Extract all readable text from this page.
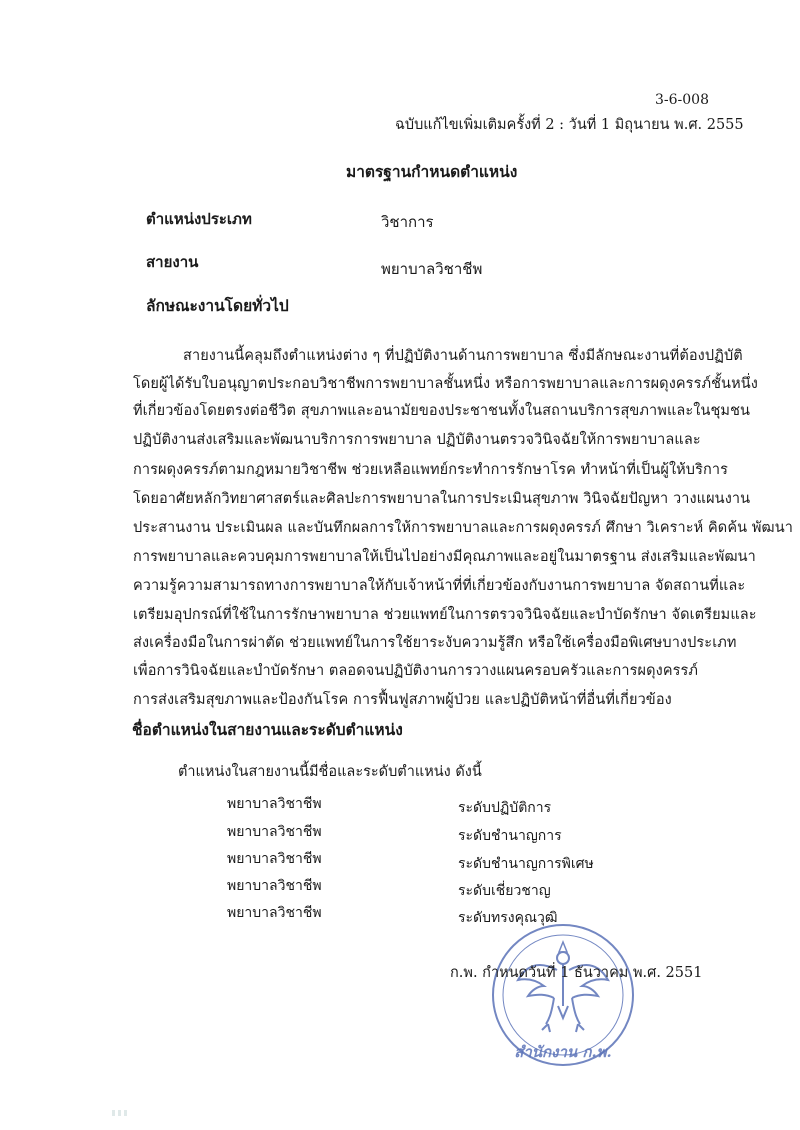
3-6-008
ฉบับแก้ไขเพิ่มเติมครั้งที่ 2 : วันที่ 1 มิถุนายน พ.ศ. 2555
มาตรฐานกำหนดตำแหน่ง
ตำแหน่งประเภท	วิชาการ
สายงาน	พยาบาลวิชาชีพ
ลักษณะงานโดยทั่วไป
สายงานนี้คลุมถึงตำแหน่งต่าง ๆ ที่ปฏิบัติงานด้านการพยาบาล ซึ่งมีลักษณะงานที่ต้องปฏิบัติ
โดยผู้ได้รับใบอนุญาตประกอบวิชาชีพการพยาบาลชั้นหนึ่ง หรือการพยาบาลและการผดุงครรภ์ชั้นหนึ่ง
ที่เกี่ยวข้องโดยตรงต่อชีวิต สุขภาพและอนามัยของประชาชนทั้งในสถานบริการสุขภาพและในชุมชน
ปฏิบัติงานส่งเสริมและพัฒนาบริการการพยาบาล ปฏิบัติงานตรวจวินิจฉัยให้การพยาบาลและ
การผดุงครรภ์ตามกฎหมายวิชาชีพ ช่วยเหลือแพทย์กระทำการรักษาโรค ทำหน้าที่เป็นผู้ให้บริการ
โดยอาศัยหลักวิทยาศาสตร์และศิลปะการพยาบาลในการประเมินสุขภาพ วินิจฉัยปัญหา วางแผนงาน
ประสานงาน ประเมินผล และบันทึกผลการให้การพยาบาลและการผดุงครรภ์ ศึกษา วิเคราะห์ คิดค้น พัฒนา
การพยาบาลและควบคุมการพยาบาลให้เป็นไปอย่างมีคุณภาพและอยู่ในมาตรฐาน ส่งเสริมและพัฒนา
ความรู้ความสามารถทางการพยาบาลให้กับเจ้าหน้าที่ที่เกี่ยวข้องกับงานการพยาบาล จัดสถานที่และ
เตรียมอุปกรณ์ที่ใช้ในการรักษาพยาบาล ช่วยแพทย์ในการตรวจวินิจฉัยและบำบัดรักษา จัดเตรียมและ
ส่งเครื่องมือในการผ่าตัด ช่วยแพทย์ในการใช้ยาระงับความรู้สึก หรือใช้เครื่องมือพิเศษบางประเภท
เพื่อการวินิจฉัยและบำบัดรักษา ตลอดจนปฏิบัติงานการวางแผนครอบครัวและการผดุงครรภ์
การส่งเสริมสุขภาพและป้องกันโรค การฟื้นฟูสภาพผู้ป่วย และปฏิบัติหน้าที่อื่นที่เกี่ยวข้อง
ชื่อตำแหน่งในสายงานและระดับตำแหน่ง
ตำแหน่งในสายงานนี้มีชื่อและระดับตำแหน่ง ดังนี้
พยาบาลวิชาชีพ	ระดับปฏิบัติการ
พยาบาลวิชาชีพ	ระดับชำนาญการ
พยาบาลวิชาชีพ	ระดับชำนาญการพิเศษ
พยาบาลวิชาชีพ	ระดับเชี่ยวชาญ
พยาบาลวิชาชีพ	ระดับทรงคุณวุฒิ
สำนักงาน ก.พ.
ก.พ. กำหนดวันที่ 1 ธันวาคม พ.ศ. 2551
